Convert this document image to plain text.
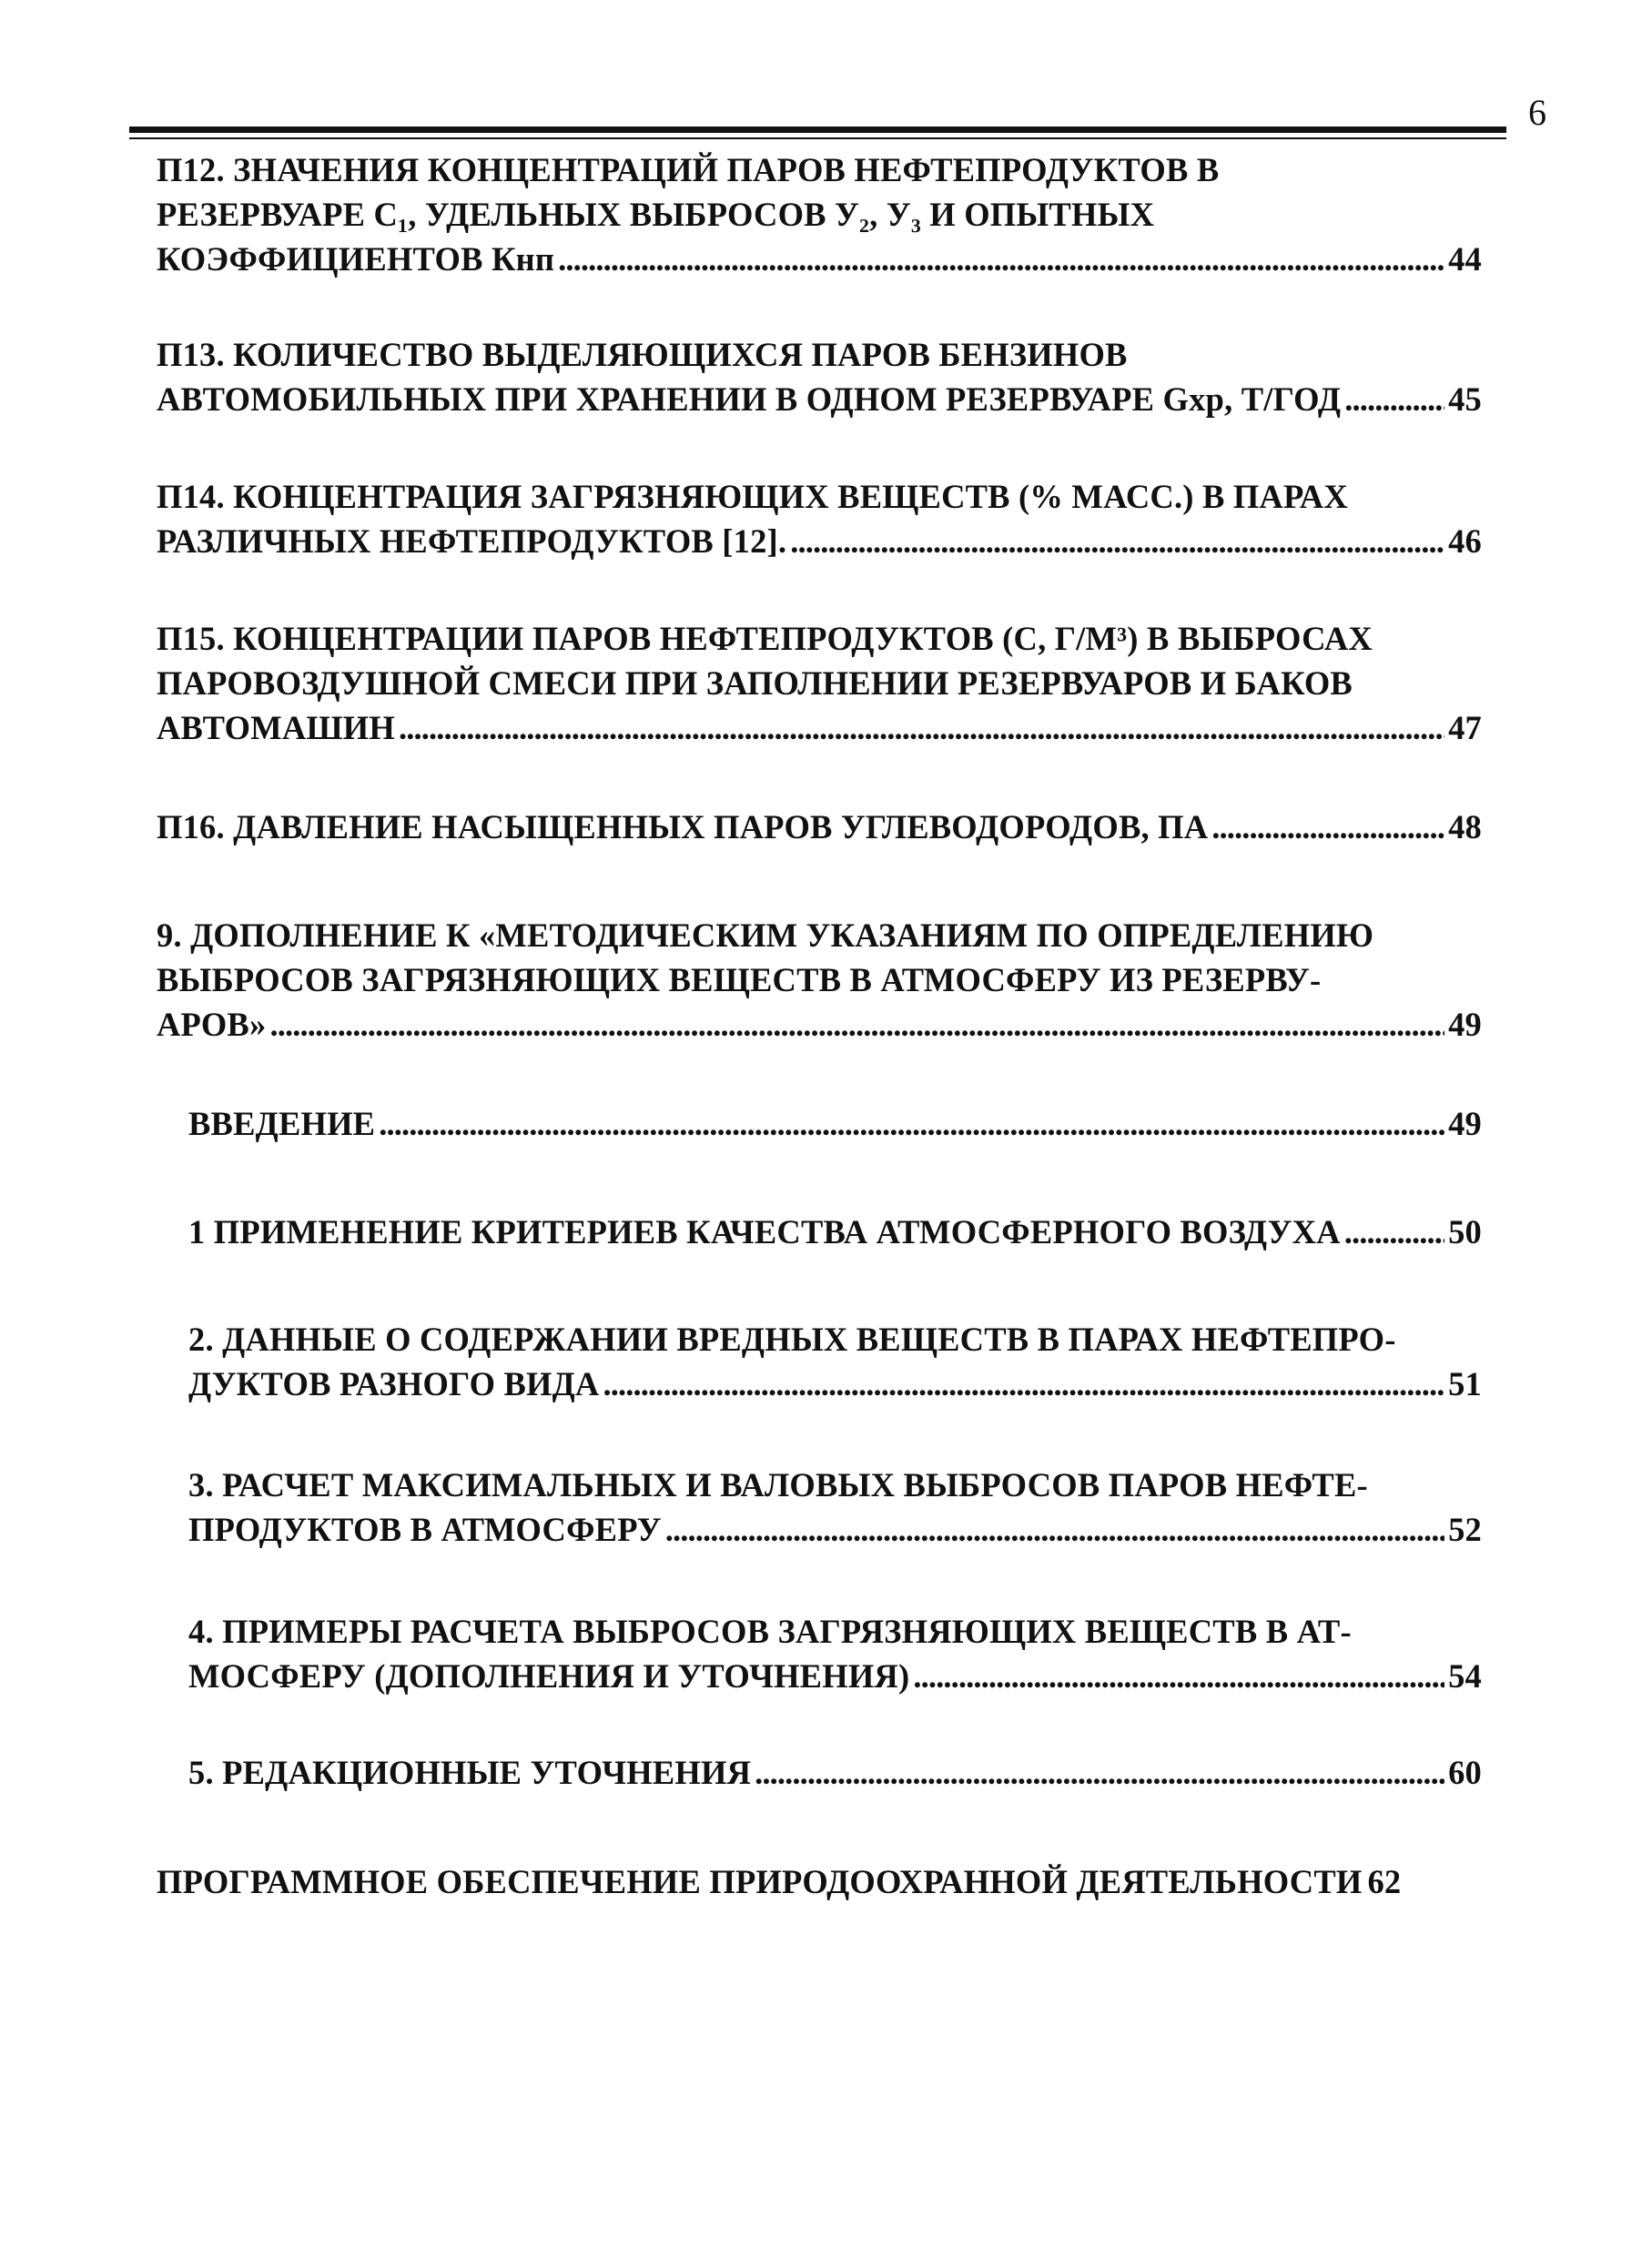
6
П12. ЗНАЧЕНИЯ КОНЦЕНТРАЦИЙ ПАРОВ НЕФТЕПРОДУКТОВ В
РЕЗЕРВУАРЕ С₁, УДЕЛЬНЫХ ВЫБРОСОВ У₂, У₃ И ОПЫТНЫХ
КОЭФФИЦИЕНТОВ Кнп . . .	44
П13. КОЛИЧЕСТВО ВЫДЕЛЯЮЩИХСЯ ПАРОВ БЕНЗИНОВ
АВТОМОБИЛЬНЫХ ПРИ ХРАНЕНИИ В ОДНОМ РЕЗЕРВУАРЕ Gхр, Т/ГОД . . .	45
П14. КОНЦЕНТРАЦИЯ ЗАГРЯЗНЯЮЩИХ ВЕЩЕСТВ (% МАСС.) В ПАРАХ
РАЗЛИЧНЫХ НЕФТЕПРОДУКТОВ [12]. . . .	46
П15. КОНЦЕНТРАЦИИ ПАРОВ НЕФТЕПРОДУКТОВ (С, Г/М³) В ВЫБРОСАХ
ПАРОВОЗДУШНОЙ СМЕСИ ПРИ ЗАПОЛНЕНИИ РЕЗЕРВУАРОВ И БАКОВ
АВТОМАШИН . . .	47
П16. ДАВЛЕНИЕ НАСЫЩЕННЫХ ПАРОВ УГЛЕВОДОРОДОВ, ПА . . .	48
9. ДОПОЛНЕНИЕ К «МЕТОДИЧЕСКИМ УКАЗАНИЯМ ПО ОПРЕДЕЛЕНИЮ
ВЫБРОСОВ ЗАГРЯЗНЯЮЩИХ ВЕЩЕСТВ В АТМОСФЕРУ ИЗ РЕЗЕРВУ-
АРОВ» . . .	49
ВВЕДЕНИЕ . . .	49
1 ПРИМЕНЕНИЕ КРИТЕРИЕВ КАЧЕСТВА АТМОСФЕРНОГО ВОЗДУХА . . .	50
2. ДАННЫЕ О СОДЕРЖАНИИ ВРЕДНЫХ ВЕЩЕСТВ В ПАРАХ НЕФТЕПРО-
ДУКТОВ РАЗНОГО ВИДА . . .	51
3. РАСЧЕТ МАКСИМАЛЬНЫХ И ВАЛОВЫХ ВЫБРОСОВ ПАРОВ НЕФТЕ-
ПРОДУКТОВ В АТМОСФЕРУ . . .	52
4. ПРИМЕРЫ РАСЧЕТА ВЫБРОСОВ ЗАГРЯЗНЯЮЩИХ ВЕЩЕСТВ В АТ-
МОСФЕРУ (ДОПОЛНЕНИЯ И УТОЧНЕНИЯ) . . .	54
5. РЕДАКЦИОННЫЕ УТОЧНЕНИЯ . . .	60
ПРОГРАММНОЕ ОБЕСПЕЧЕНИЕ ПРИРОДООХРАННОЙ ДЕЯТЕЛЬНОСТИ 62
